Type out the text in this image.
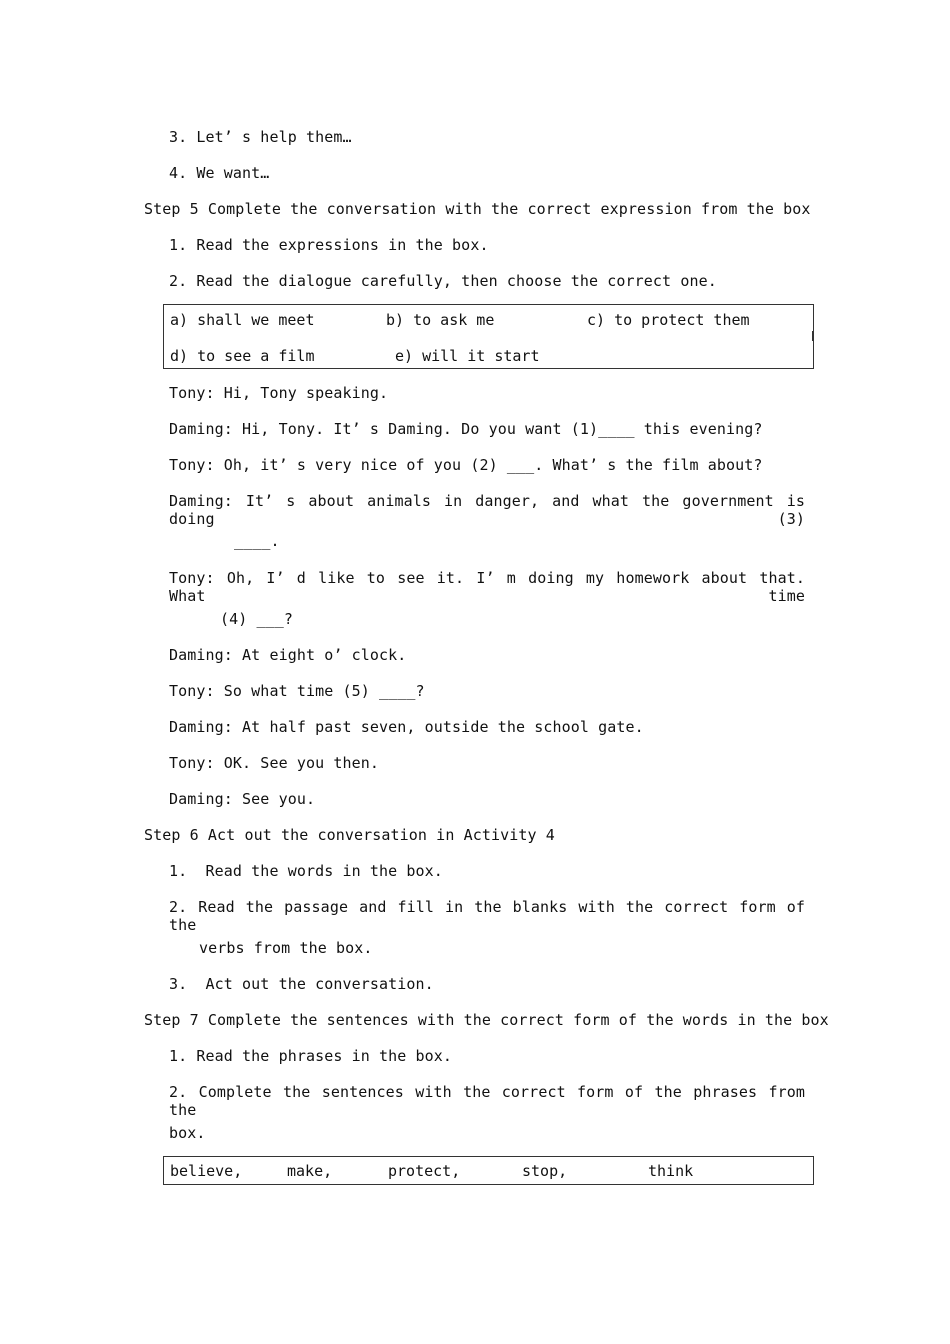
3. Let’ s help them…
4. We want…
Step 5 Complete the conversation with the correct expression from the box
1. Read the expressions in the box.
2. Read the dialogue carefully, then choose the correct one.
a) shall we meet	b) to ask me	c) to protect them
d) to see a film	e) will it start
Tony: Hi, Tony speaking.
Daming: Hi, Tony. It’ s Daming. Do you want (1)____ this evening?
Tony: Oh, it’ s very nice of you (2) ___. What’ s the film about?
Daming: It’ s about animals in danger, and what the government is doing (3)
____.
Tony: Oh, I’ d like to see it. I’ m doing my homework about that. What time
(4) ___?
Daming: At eight o’ clock.
Tony: So what time (5) ____?
Daming: At half past seven, outside the school gate.
Tony: OK. See you then.
Daming: See you.
Step 6 Act out the conversation in Activity 4
1.  Read the words in the box.
2. Read the passage and fill in the blanks with the correct form of the
verbs from the box.
3.  Act out the conversation.
Step 7 Complete the sentences with the correct form of the words in the box
1. Read the phrases in the box.
2. Complete the sentences with the correct form of the phrases from the
box.
believe,	make,	protect,	stop,	think
